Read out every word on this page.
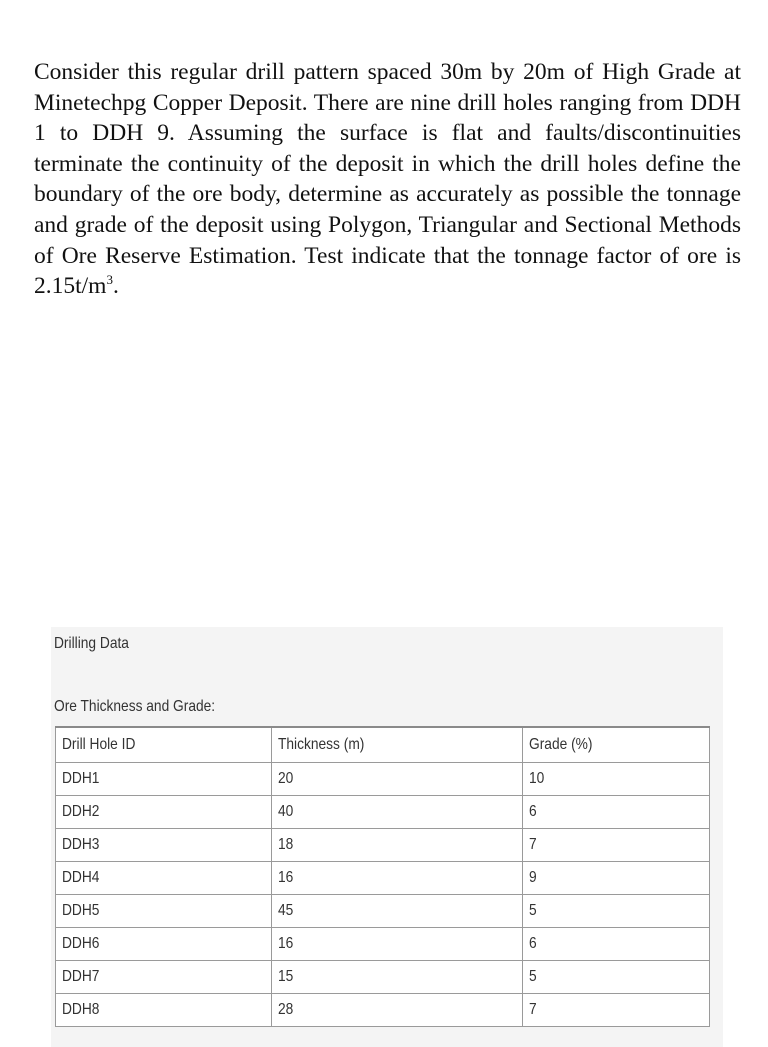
Consider this regular drill pattern spaced 30m by 20m of High Grade at Minetechpg Copper Deposit. There are nine drill holes ranging from DDH 1 to DDH 9. Assuming the surface is flat and faults/discontinuities terminate the continuity of the deposit in which the drill holes define the boundary of the ore body, determine as accurately as possible the tonnage and grade of the deposit using Polygon, Triangular and Sectional Methods of Ore Reserve Estimation. Test indicate that the tonnage factor of ore is $2.15t/m^3$.

Drilling Data
Ore Thickness and Grade:
Drill Hole ID	Thickness (m)	Grade (%)
DDH1	20	10
DDH2	40	6
DDH3	18	7
DDH4	16	9
DDH5	45	5
DDH6	16	6
DDH7	15	5
DDH8	28	7
